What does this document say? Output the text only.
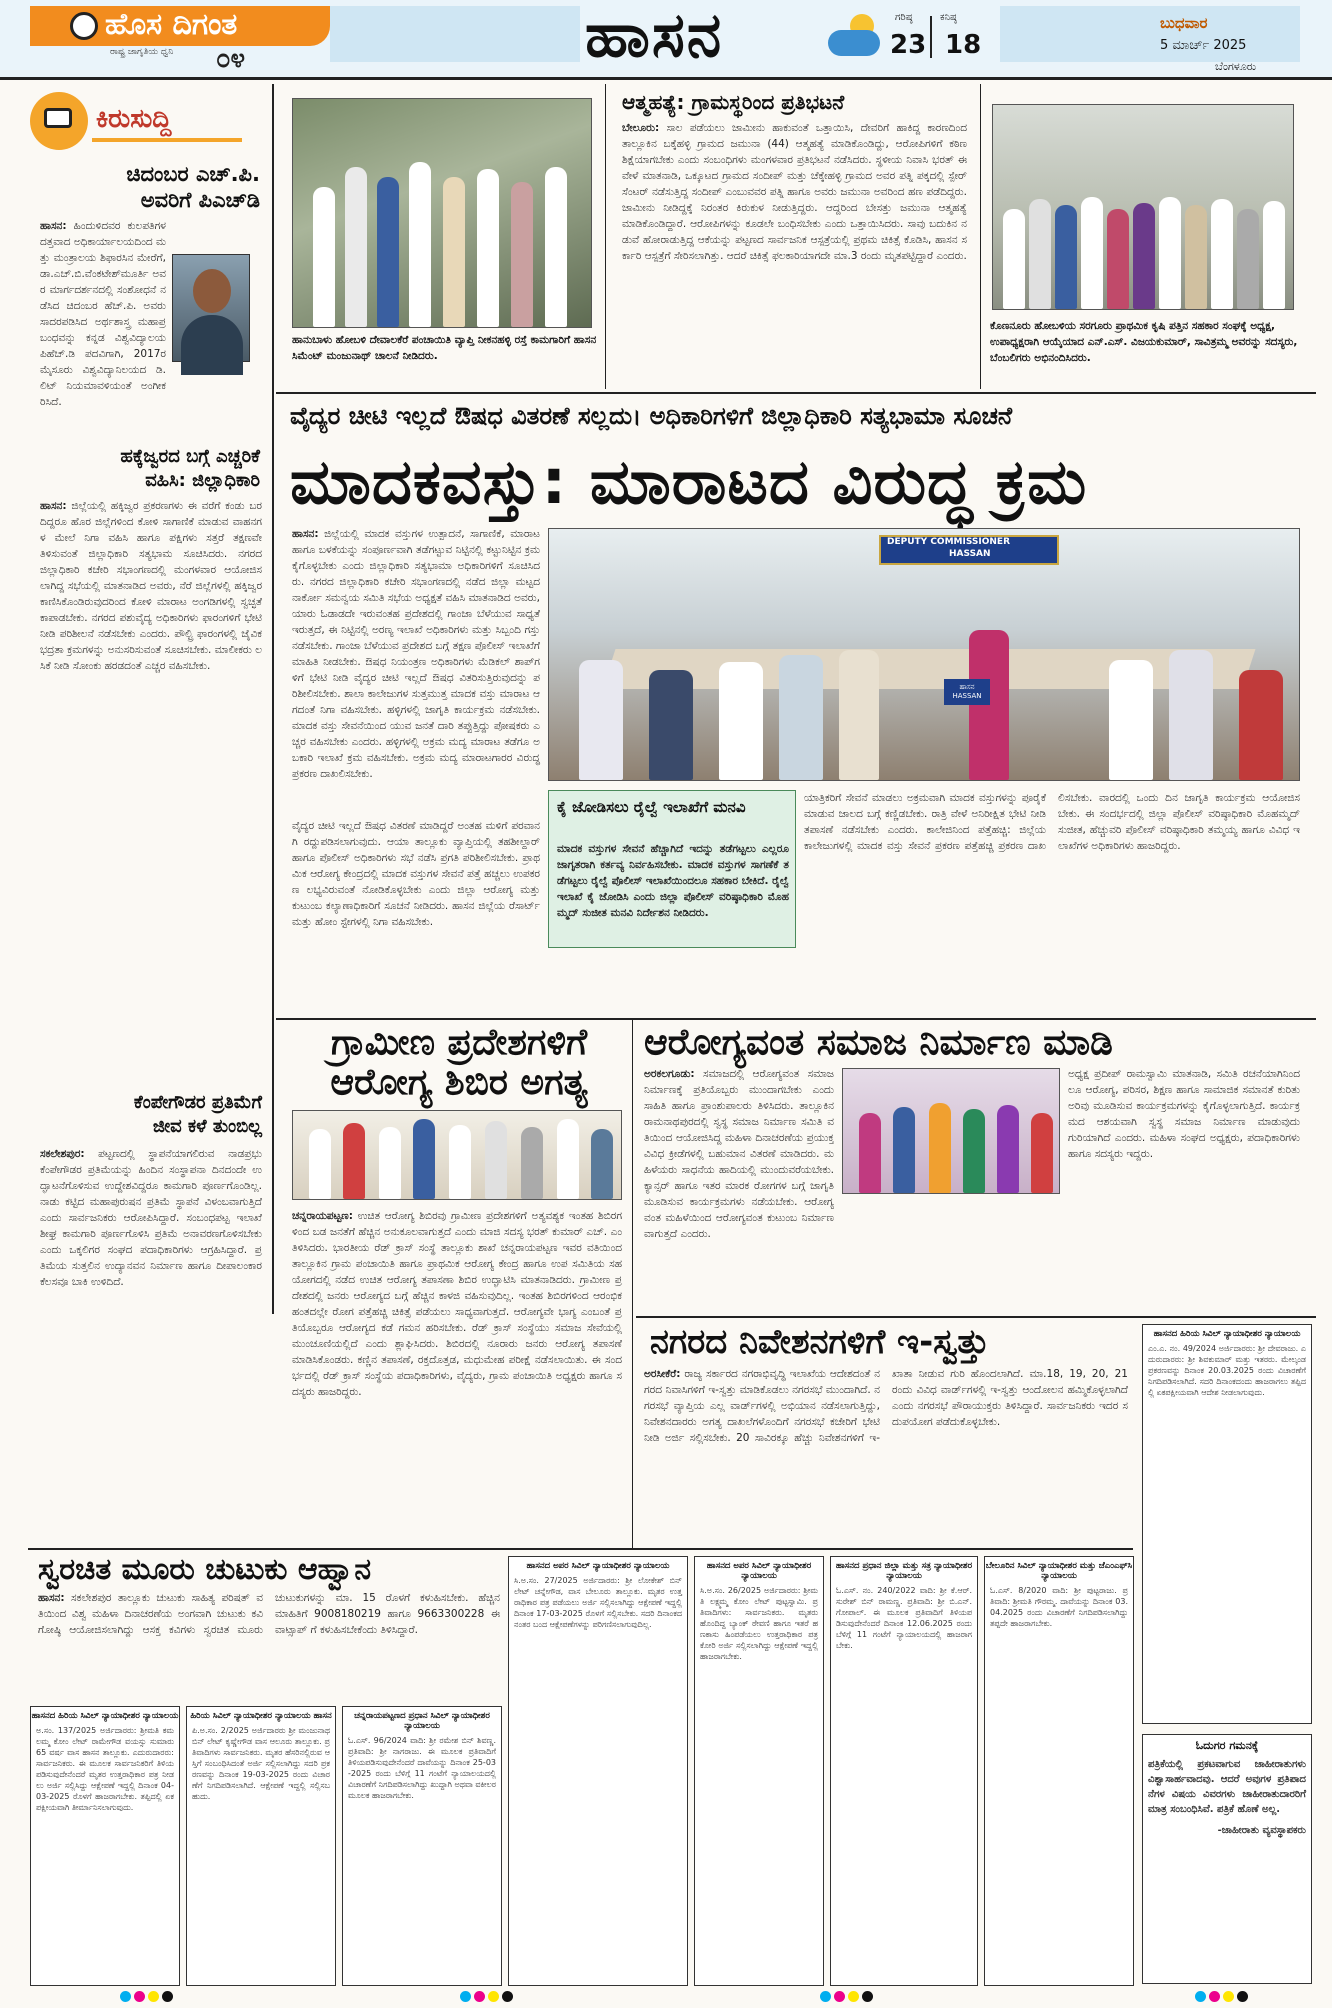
ಹೊಸ ದಿಗಂತ
ರಾಷ್ಟ್ರ ಜಾಗೃತಿಯ ಧ್ವನಿ ೦೪	ಹಾಸನ	ಗರಿಷ್ಠ
23
ಕನಿಷ್ಠ
18
ಬುಧವಾರ
5 ಮಾರ್ಚ್ 2025
ಬೆಂಗಳೂರು
ಕಿರುಸುದ್ದಿ
ಚಿದಂಬರ ಎಚ್.ಪಿ.
ಅವರಿಗೆ ಪಿಎಚ್‌ಡಿ
ಹಾಸನ: ಹಿಂದುಳಿದವರ ಕುಲಪತಿಗಳ ದತ್ತವಾದ ಅಧಿಕಾರ್ಯಾಲಯದಿಂದ ಮತ್ತು ಮಂತ್ರಾಲಯ ಶಿಫಾರಸಿನ ಮೇರೆಗೆ, ಡಾ.ಎಚ್.ಬಿ.ವೆಂಕಟೇಶ್‌ಮೂರ್ತಿ ಅವರ ಮಾರ್ಗದರ್ಶನದಲ್ಲಿ ಸಂಶೋಧನೆ ನಡೆಸಿದ ಚಿದಂಬರ ಹೆಚ್.ಪಿ. ಅವರು ಸಾದರಪಡಿಸಿದ ಅರ್ಥಶಾಸ್ತ್ರ ಮಹಾಪ್ರಬಂಧವನ್ನು ಕನ್ನಡ ವಿಶ್ವವಿದ್ಯಾಲಯ ಪಿಹೆಚ್.ಡಿ ಪದವಿಗಾಗಿ, 2017ರ ಮೈಸೂರು ವಿಶ್ವವಿದ್ಯಾನಿಲಯದ ಡಿ.ಲಿಟ್ ನಿಯಮಾವಳಿಯಂತೆ ಅಂಗೀಕರಿಸಿದೆ.
ಹಕ್ಕೆಜ್ವರದ ಬಗ್ಗೆ ಎಚ್ಚರಿಕೆ
ವಹಿಸಿ: ಜಿಲ್ಲಾಧಿಕಾರಿ
ಹಾಸನ: ಜಿಲ್ಲೆಯಲ್ಲಿ ಹಕ್ಕಿಜ್ವರ ಪ್ರಕರಣಗಳು ಈ ವರೆಗೆ ಕಂಡು ಬರದಿದ್ದರೂ ಹೊರ ಜಿಲ್ಲೆಗಳಿಂದ ಕೋಳಿ ಸಾಗಾಣಿಕೆ ಮಾಡುವ ವಾಹನಗಳ ಮೇಲೆ ನಿಗಾ ವಹಿಸಿ ಹಾಗೂ ಪಕ್ಷಿಗಳು ಸತ್ತರೆ ತಕ್ಷಣವೇ ತಿಳಿಸುವಂತೆ ಜಿಲ್ಲಾಧಿಕಾರಿ ಸತ್ಯಭಾಮ ಸೂಚಿಸಿದರು. ನಗರದ ಜಿಲ್ಲಾಧಿಕಾರಿ ಕಚೇರಿ ಸಭಾಂಗಣದಲ್ಲಿ ಮಂಗಳವಾರ ಆಯೋಜಿಸಲಾಗಿದ್ದ ಸಭೆಯಲ್ಲಿ ಮಾತನಾಡಿದ ಅವರು, ನೆರೆ ಜಿಲ್ಲೆಗಳಲ್ಲಿ ಹಕ್ಕಿಜ್ವರ ಕಾಣಿಸಿಕೊಂಡಿರುವುದರಿಂದ ಕೋಳಿ ಮಾರಾಟ ಅಂಗಡಿಗಳಲ್ಲಿ ಸ್ವಚ್ಛತೆ ಕಾಪಾಡಬೇಕು. ನಗರದ ಪಶುವೈದ್ಯ ಅಧಿಕಾರಿಗಳು ಫಾರಂಗಳಿಗೆ ಭೇಟಿ ನೀಡಿ ಪರಿಶೀಲನೆ ನಡೆಸಬೇಕು ಎಂದರು. ಪೌಲ್ಟ್ರಿ ಫಾರಂಗಳಲ್ಲಿ ಜೈವಿಕ ಭದ್ರತಾ ಕ್ರಮಗಳನ್ನು ಅನುಸರಿಸುವಂತೆ ಸೂಚಿಸಬೇಕು. ಮಾಲೀಕರು ಲಸಿಕೆ ನೀಡಿ ಸೋಂಕು ಹರಡದಂತೆ ಎಚ್ಚರ ವಹಿಸಬೇಕು.
ಕೆಂಪೇಗೌಡರ ಪ್ರತಿಮೆಗೆ
ಜೀವ ಕಳೆ ತುಂಬಿಲ್ಲ
ಸಕಲೇಶಪುರ: ಪಟ್ಟಣದಲ್ಲಿ ಸ್ಥಾಪನೆಯಾಗಲಿರುವ ನಾಡಪ್ರಭು ಕೆಂಪೇಗೌಡರ ಪ್ರತಿಮೆಯನ್ನು ಹಿಂದಿನ ಸಂಸ್ಥಾಪನಾ ದಿನದಂದೇ ಉದ್ಘಾಟನೆಗೊಳಿಸುವ ಉದ್ದೇಶವಿದ್ದರೂ ಕಾಮಗಾರಿ ಪೂರ್ಣಗೊಂಡಿಲ್ಲ. ನಾಡು ಕಟ್ಟಿದ ಮಹಾಪುರುಷನ ಪ್ರತಿಮೆ ಸ್ಥಾಪನೆ ವಿಳಂಬವಾಗುತ್ತಿದೆ ಎಂದು ಸಾರ್ವಜನಿಕರು ಆರೋಪಿಸಿದ್ದಾರೆ. ಸಂಬಂಧಪಟ್ಟ ಇಲಾಖೆ ಶೀಘ್ರ ಕಾಮಗಾರಿ ಪೂರ್ಣಗೊಳಿಸಿ ಪ್ರತಿಮೆ ಅನಾವರಣಗೊಳಿಸಬೇಕು ಎಂದು ಒಕ್ಕಲಿಗರ ಸಂಘದ ಪದಾಧಿಕಾರಿಗಳು ಆಗ್ರಹಿಸಿದ್ದಾರೆ. ಪ್ರತಿಮೆಯ ಸುತ್ತಲಿನ ಉದ್ಯಾನವನ ನಿರ್ಮಾಣ ಹಾಗೂ ದೀಪಾಲಂಕಾರ ಕೆಲಸವೂ ಬಾಕಿ ಉಳಿದಿದೆ.
ಹಾನುಬಾಳು ಹೋಬಳಿ ದೇವಾಲಕೆರೆ ಪಂಚಾಯಿತಿ ವ್ಯಾಪ್ತಿ ನೀಕನಹಳ್ಳಿ ರಸ್ತೆ ಕಾಮಗಾರಿಗೆ ಹಾಸನ ಸಿಮೆಂಟ್ ಮಂಜುನಾಥ್ ಚಾಲನೆ ನೀಡಿದರು.
ಆತ್ಮಹತ್ಯೆ: ಗ್ರಾಮಸ್ಥರಿಂದ ಪ್ರತಿಭಟನೆ
ಬೇಲೂರು: ಸಾಲ ಪಡೆಯಲು ಜಾಮೀನು ಹಾಕುವಂತೆ ಒತ್ತಾಯಿಸಿ, ದೇವರಿಗೆ ಹಾಕಿದ್ದ ಕಾರಣದಿಂದ ತಾಲ್ಲೂಕಿನ ಬಕ್ಕೆಹಳ್ಳಿ ಗ್ರಾಮದ ಜಮುನಾ (44) ಆತ್ಮಹತ್ಯೆ ಮಾಡಿಕೊಂಡಿದ್ದು, ಆರೋಪಿಗಳಿಗೆ ಕಠಿಣ ಶಿಕ್ಷೆಯಾಗಬೇಕು ಎಂದು ಸಂಬಂಧಿಗಳು ಮಂಗಳವಾರ ಪ್ರತಿಭಟನೆ ನಡೆಸಿದರು. ಸ್ಥಳೀಯ ನಿವಾಸಿ ಭರತ್ ಈ ವೇಳೆ ಮಾತನಾಡಿ, ಒಕ್ಕೂಟದ ಗ್ರಾಮದ ಸಂದೀಪ್ ಮತ್ತು ಚೆಕ್ಕೇಹಳ್ಳಿ ಗ್ರಾಮದ ಅವರ ಪತ್ನಿ ಪಕ್ಕದಲ್ಲಿ ಸ್ಪೇರ್ ಸೆಂಟರ್ ನಡೆಸುತ್ತಿದ್ದ ಸಂದೀಪ್ ಎಂಬುವವರ ಪತ್ನಿ ಹಾಗೂ ಅವರು ಜಮುನಾ ಅವರಿಂದ ಹಣ ಪಡೆದಿದ್ದರು. ಜಾಮೀನು ನೀಡಿದ್ದಕ್ಕೆ ನಿರಂತರ ಕಿರುಕುಳ ನೀಡುತ್ತಿದ್ದರು. ಆದ್ದರಿಂದ ಬೇಸತ್ತು ಜಮುನಾ ಆತ್ಮಹತ್ಯೆ ಮಾಡಿಕೊಂಡಿದ್ದಾರೆ. ಆರೋಪಿಗಳನ್ನು ಕೂಡಲೇ ಬಂಧಿಸಬೇಕು ಎಂದು ಒತ್ತಾಯಿಸಿದರು. ಸಾವು ಬದುಕಿನ ನಡುವೆ ಹೋರಾಡುತ್ತಿದ್ದ ಆಕೆಯನ್ನು ಪಟ್ಟಣದ ಸಾರ್ವಜನಿಕ ಆಸ್ಪತ್ರೆಯಲ್ಲಿ ಪ್ರಥಮ ಚಿಕಿತ್ಸೆ ಕೊಡಿಸಿ, ಹಾಸನ ಸರ್ಕಾರಿ ಆಸ್ಪತ್ರೆಗೆ ಸೇರಿಸಲಾಗಿತ್ತು. ಆದರೆ ಚಿಕಿತ್ಸೆ ಫಲಕಾರಿಯಾಗದೇ ಮಾ.3 ರಂದು ಮೃತಪಟ್ಟಿದ್ದಾರೆ ಎಂದರು.
ಕೊಣನೂರು ಹೋಬಳಿಯ ಸರಗೂರು ಪ್ರಾಥಮಿಕ ಕೃಷಿ ಪತ್ತಿನ ಸಹಕಾರ ಸಂಘಕ್ಕೆ ಅಧ್ಯಕ್ಷ, ಉಪಾಧ್ಯಕ್ಷರಾಗಿ ಆಯ್ಕೆಯಾದ ಎನ್.ಎಸ್. ವಿಜಯಕುಮಾರ್, ಸಾವಿತ್ರಮ್ಮ ಅವರನ್ನು ಸದಸ್ಯರು, ಬೆಂಬಲಿಗರು ಅಭಿನಂದಿಸಿದರು.
ವೈದ್ಯರ ಚೀಟಿ ಇಲ್ಲದೆ ಔಷಧ ವಿತರಣೆ ಸಲ್ಲದು। ಅಧಿಕಾರಿಗಳಿಗೆ ಜಿಲ್ಲಾಧಿಕಾರಿ ಸತ್ಯಭಾಮಾ ಸೂಚನೆ
ಮಾದಕವಸ್ತು: ಮಾರಾಟದ ವಿರುದ್ಧ ಕ್ರಮ
ಹಾಸನ: ಜಿಲ್ಲೆಯಲ್ಲಿ ಮಾದಕ ವಸ್ತುಗಳ ಉತ್ಪಾದನೆ, ಸಾಗಾಣಿಕೆ, ಮಾರಾಟ ಹಾಗೂ ಬಳಕೆಯನ್ನು ಸಂಪೂರ್ಣವಾಗಿ ತಡೆಗಟ್ಟುವ ನಿಟ್ಟಿನಲ್ಲಿ ಕಟ್ಟುನಿಟ್ಟಿನ ಕ್ರಮ ಕೈಗೊಳ್ಳಬೇಕು ಎಂದು ಜಿಲ್ಲಾಧಿಕಾರಿ ಸತ್ಯಭಾಮಾ ಅಧಿಕಾರಿಗಳಿಗೆ ಸೂಚಿಸಿದರು. ನಗರದ ಜಿಲ್ಲಾಧಿಕಾರಿ ಕಚೇರಿ ಸಭಾಂಗಣದಲ್ಲಿ ನಡೆದ ಜಿಲ್ಲಾ ಮಟ್ಟದ ನಾರ್ಕೋ ಸಮನ್ವಯ ಸಮಿತಿ ಸಭೆಯ ಅಧ್ಯಕ್ಷತೆ ವಹಿಸಿ ಮಾತನಾಡಿದ ಅವರು, ಯಾರು ಓಡಾಡದೇ ಇರುವಂತಹ ಪ್ರದೇಶದಲ್ಲಿ ಗಾಂಜಾ ಬೆಳೆಯುವ ಸಾಧ್ಯತೆ ಇರುತ್ತದೆ, ಈ ನಿಟ್ಟಿನಲ್ಲಿ ಅರಣ್ಯ ಇಲಾಖೆ ಅಧಿಕಾರಿಗಳು ಮತ್ತು ಸಿಬ್ಬಂದಿ ಗಸ್ತು ನಡೆಸಬೇಕು. ಗಾಂಜಾ ಬೆಳೆಯುವ ಪ್ರದೇಶದ ಬಗ್ಗೆ ತಕ್ಷಣ ಪೊಲೀಸ್ ಇಲಾಖೆಗೆ ಮಾಹಿತಿ ನೀಡಬೇಕು. ಔಷಧ ನಿಯಂತ್ರಣ ಅಧಿಕಾರಿಗಳು ಮೆಡಿಕಲ್ ಶಾಪ್‌ಗಳಿಗೆ ಭೇಟಿ ನೀಡಿ ವೈದ್ಯರ ಚೀಟಿ ಇಲ್ಲದೆ ಔಷಧ ವಿತರಿಸುತ್ತಿರುವುದನ್ನು ಪರಿಶೀಲಿಸಬೇಕು. ಶಾಲಾ ಕಾಲೇಜುಗಳ ಸುತ್ತಮುತ್ತ ಮಾದಕ ವಸ್ತು ಮಾರಾಟ ಆಗದಂತೆ ನಿಗಾ ವಹಿಸಬೇಕು. ಹಳ್ಳಿಗಳಲ್ಲಿ ಜಾಗೃತಿ ಕಾರ್ಯಕ್ರಮ ನಡೆಸಬೇಕು. ಮಾದಕ ವಸ್ತು ಸೇವನೆಯಿಂದ ಯುವ ಜನತೆ ದಾರಿ ತಪ್ಪುತ್ತಿದ್ದು ಪೋಷಕರು ಎಚ್ಚರ ವಹಿಸಬೇಕು ಎಂದರು. ಹಳ್ಳಿಗಳಲ್ಲಿ ಅಕ್ರಮ ಮದ್ಯ ಮಾರಾಟ ತಡೆಗೂ ಅಬಕಾರಿ ಇಲಾಖೆ ಕ್ರಮ ವಹಿಸಬೇಕು. ಅಕ್ರಮ ಮದ್ಯ ಮಾರಾಟಗಾರರ ವಿರುದ್ಧ ಪ್ರಕರಣ ದಾಖಲಿಸಬೇಕು.
DEPUTY COMMISSIONER
HASSAN
ಹಾಸನ HASSAN
ಕೈ ಜೋಡಿಸಲು ರೈಲ್ವೆ ಇಲಾಖೆಗೆ ಮನವಿ
ಮಾದಕ ವಸ್ತುಗಳ ಸೇವನೆ ಹೆಚ್ಚಾಗಿದೆ ಇದನ್ನು ತಡೆಗಟ್ಟಲು ಎಲ್ಲರೂ ಜಾಗೃತರಾಗಿ ಕರ್ತವ್ಯ ನಿರ್ವಹಿಸಬೇಕು. ಮಾದಕ ವಸ್ತುಗಳ ಸಾಗಣೆಕೆ ತಡೆಗಟ್ಟಲು ರೈಲ್ವೆ ಪೊಲೀಸ್ ಇಲಾಖೆಯಿಂದಲೂ ಸಹಕಾರ ಬೇಕಿದೆ. ರೈಲ್ವೆ ಇಲಾಖೆ ಕೈ ಜೋಡಿಸಿ ಎಂದು ಜಿಲ್ಲಾ ಪೊಲೀಸ್ ವರಿಷ್ಠಾಧಿಕಾರಿ ಮೊಹಮ್ಮದ್ ಸುಜೀತ ಮನವಿ ನಿರ್ದೇಶನ ನೀಡಿದರು.
ವೈದ್ಯರ ಚೀಟಿ ಇಲ್ಲದೆ ಔಷಧ ವಿತರಣೆ ಮಾಡಿದ್ದರೆ ಅಂತಹ ಮಳಿಗೆ ಪರವಾನಗಿ ರದ್ದುಪಡಿಸಲಾಗುವುದು. ಆಯಾ ತಾಲ್ಲೂಕು ವ್ಯಾಪ್ತಿಯಲ್ಲಿ ತಹಶೀಲ್ದಾರ್ ಹಾಗೂ ಪೊಲೀಸ್ ಅಧಿಕಾರಿಗಳು ಸಭೆ ನಡೆಸಿ ಪ್ರಗತಿ ಪರಿಶೀಲಿಸಬೇಕು. ಪ್ರಾಥಮಿಕ ಆರೋಗ್ಯ ಕೇಂದ್ರದಲ್ಲಿ ಮಾದಕ ವಸ್ತುಗಳ ಸೇವನೆ ಪತ್ತೆ ಹಚ್ಚಲು ಉಪಕರಣ ಲಭ್ಯವಿರುವಂತೆ ನೋಡಿಕೊಳ್ಳಬೇಕು ಎಂದು ಜಿಲ್ಲಾ ಆರೋಗ್ಯ ಮತ್ತು ಕುಟುಂಬ ಕಲ್ಯಾಣಾಧಿಕಾರಿಗೆ ಸೂಚನೆ ನೀಡಿದರು. ಹಾಸನ ಜಿಲ್ಲೆಯ ರೆಸಾರ್ಟ್ ಮತ್ತು ಹೋಂ ಸ್ಟೇಗಳಲ್ಲಿ ನಿಗಾ ವಹಿಸಬೇಕು.
ಯಾತ್ರಿಕರಿಗೆ ಸೇವನೆ ಮಾಡಲು ಅಕ್ರಮವಾಗಿ ಮಾದಕ ವಸ್ತುಗಳನ್ನು ಪೂರೈಕೆ ಮಾಡುವ ಜಾಲದ ಬಗ್ಗೆ ಕಣ್ಣಿಡಬೇಕು. ರಾತ್ರಿ ವೇಳೆ ಅನಿರೀಕ್ಷಿತ ಭೇಟಿ ನೀಡಿ ತಪಾಸಣೆ ನಡೆಸಬೇಕು ಎಂದರು. ಕಾಲೇಜಿನಿಂದ ಪತ್ತೆಹಚ್ಚಿ: ಜಿಲ್ಲೆಯ ಕಾಲೇಜುಗಳಲ್ಲಿ ಮಾದಕ ವಸ್ತು ಸೇವನೆ ಪ್ರಕರಣ ಪತ್ತೆಹಚ್ಚಿ ಪ್ರಕರಣ ದಾಖಲಿಸಬೇಕು. ವಾರದಲ್ಲಿ ಒಂದು ದಿನ ಜಾಗೃತಿ ಕಾರ್ಯಕ್ರಮ ಆಯೋಜಿಸಬೇಕು. ಈ ಸಂದರ್ಭದಲ್ಲಿ ಜಿಲ್ಲಾ ಪೊಲೀಸ್ ವರಿಷ್ಠಾಧಿಕಾರಿ ಮೊಹಮ್ಮದ್ ಸುಜೀತ, ಹೆಚ್ಚುವರಿ ಪೊಲೀಸ್ ವರಿಷ್ಠಾಧಿಕಾರಿ ತಮ್ಮಯ್ಯ ಹಾಗೂ ವಿವಿಧ ಇಲಾಖೆಗಳ ಅಧಿಕಾರಿಗಳು ಹಾಜರಿದ್ದರು.
ಗ್ರಾಮೀಣ ಪ್ರದೇಶಗಳಿಗೆ
ಆರೋಗ್ಯ ಶಿಬಿರ ಅಗತ್ಯ
ಚನ್ನರಾಯಪಟ್ಟಣ: ಉಚಿತ ಆರೋಗ್ಯ ಶಿಬಿರವು ಗ್ರಾಮೀಣ ಪ್ರದೇಶಗಳಿಗೆ ಅತ್ಯವಶ್ಯಕ ಇಂತಹ ಶಿಬಿರಗಳಿಂದ ಬಡ ಜನತೆಗೆ ಹೆಚ್ಚಿನ ಅನುಕೂಲವಾಗುತ್ತದೆ ಎಂದು ಮಾಜಿ ಸದಸ್ಯ ಭರತ್ ಕುಮಾರ್ ಎಚ್. ಎಂ ತಿಳಿಸಿದರು. ಭಾರತೀಯ ರೆಡ್ ಕ್ರಾಸ್ ಸಂಸ್ಥೆ ತಾಲ್ಲೂಕು ಶಾಖೆ ಚನ್ನರಾಯಪಟ್ಟಣ ಇವರ ವತಿಯಿಂದ ತಾಲ್ಲೂಕಿನ ಗ್ರಾಮ ಪಂಚಾಯಿತಿ ಹಾಗೂ ಪ್ರಾಥಮಿಕ ಆರೋಗ್ಯ ಕೇಂದ್ರ ಹಾಗೂ ಉಪ ಸಮಿತಿಯ ಸಹಯೋಗದಲ್ಲಿ ನಡೆದ ಉಚಿತ ಆರೋಗ್ಯ ತಪಾಸಣಾ ಶಿಬಿರ ಉದ್ಘಾಟಿಸಿ ಮಾತನಾಡಿದರು. ಗ್ರಾಮೀಣ ಪ್ರದೇಶದಲ್ಲಿ ಜನರು ಆರೋಗ್ಯದ ಬಗ್ಗೆ ಹೆಚ್ಚಿನ ಕಾಳಜಿ ವಹಿಸುವುದಿಲ್ಲ. ಇಂತಹ ಶಿಬಿರಗಳಿಂದ ಆರಂಭಿಕ ಹಂತದಲ್ಲೇ ರೋಗ ಪತ್ತೆಹಚ್ಚಿ ಚಿಕಿತ್ಸೆ ಪಡೆಯಲು ಸಾಧ್ಯವಾಗುತ್ತದೆ. ಆರೋಗ್ಯವೇ ಭಾಗ್ಯ ಎಂಬಂತೆ ಪ್ರತಿಯೊಬ್ಬರೂ ಆರೋಗ್ಯದ ಕಡೆ ಗಮನ ಹರಿಸಬೇಕು. ರೆಡ್ ಕ್ರಾಸ್ ಸಂಸ್ಥೆಯು ಸಮಾಜ ಸೇವೆಯಲ್ಲಿ ಮುಂಚೂಣಿಯಲ್ಲಿದೆ ಎಂದು ಶ್ಲಾಘಿಸಿದರು. ಶಿಬಿರದಲ್ಲಿ ನೂರಾರು ಜನರು ಆರೋಗ್ಯ ತಪಾಸಣೆ ಮಾಡಿಸಿಕೊಂಡರು. ಕಣ್ಣಿನ ತಪಾಸಣೆ, ರಕ್ತದೊತ್ತಡ, ಮಧುಮೇಹ ಪರೀಕ್ಷೆ ನಡೆಸಲಾಯಿತು. ಈ ಸಂದರ್ಭದಲ್ಲಿ ರೆಡ್ ಕ್ರಾಸ್ ಸಂಸ್ಥೆಯ ಪದಾಧಿಕಾರಿಗಳು, ವೈದ್ಯರು, ಗ್ರಾಮ ಪಂಚಾಯಿತಿ ಅಧ್ಯಕ್ಷರು ಹಾಗೂ ಸದಸ್ಯರು ಹಾಜರಿದ್ದರು.
ಆರೋಗ್ಯವಂತ ಸಮಾಜ ನಿರ್ಮಾಣ ಮಾಡಿ
ಅರಕಲಗೂಡು: ಸಮಾಜದಲ್ಲಿ ಆರೋಗ್ಯವಂತ ಸಮಾಜ ನಿರ್ಮಾಣಕ್ಕೆ ಪ್ರತಿಯೊಬ್ಬರು ಮುಂದಾಗಬೇಕು ಎಂದು ಸಾಹಿತಿ ಹಾಗೂ ಪ್ರಾಂಶುಪಾಲರು ತಿಳಿಸಿದರು. ತಾಲ್ಲೂಕಿನ ರಾಮನಾಥಪುರದಲ್ಲಿ ಸ್ವಸ್ಥ ಸಮಾಜ ನಿರ್ಮಾಣ ಸಮಿತಿ ವತಿಯಿಂದ ಆಯೋಜಿಸಿದ್ದ ಮಹಿಳಾ ದಿನಾಚರಣೆಯ ಪ್ರಯುಕ್ತ ವಿವಿಧ ಕ್ರೀಡೆಗಳಲ್ಲಿ ಬಹುಮಾನ ವಿತರಣೆ ಮಾಡಿದರು. ಮಹಿಳೆಯರು ಸಾಧನೆಯ ಹಾದಿಯಲ್ಲಿ ಮುಂದುವರೆಯಬೇಕು. ಕ್ಯಾನ್ಸರ್ ಹಾಗೂ ಇತರ ಮಾರಕ ರೋಗಗಳ ಬಗ್ಗೆ ಜಾಗೃತಿ ಮೂಡಿಸುವ ಕಾರ್ಯಕ್ರಮಗಳು ನಡೆಯಬೇಕು. ಆರೋಗ್ಯವಂತ ಮಹಿಳೆಯಿಂದ ಆರೋಗ್ಯವಂತ ಕುಟುಂಬ ನಿರ್ಮಾಣವಾಗುತ್ತದೆ ಎಂದರು.
ಅಧ್ಯಕ್ಷ ಪ್ರದೀಪ್ ರಾಮಸ್ವಾಮಿ ಮಾತನಾಡಿ, ಸಮಿತಿ ರಚನೆಯಾಗಿನಿಂದಲೂ ಆರೋಗ್ಯ, ಪರಿಸರ, ಶಿಕ್ಷಣ ಹಾಗೂ ಸಾಮಾಜಿಕ ಸಮಾನತೆ ಕುರಿತು ಅರಿವು ಮೂಡಿಸುವ ಕಾರ್ಯಕ್ರಮಗಳನ್ನು ಕೈಗೊಳ್ಳಲಾಗುತ್ತಿದೆ. ಕಾರ್ಯಕ್ರಮದ ಆಶಯವಾಗಿ ಸ್ವಸ್ಥ ಸಮಾಜ ನಿರ್ಮಾಣ ಮಾಡುವುದು ಗುರಿಯಾಗಿದೆ ಎಂದರು. ಮಹಿಳಾ ಸಂಘದ ಅಧ್ಯಕ್ಷರು, ಪದಾಧಿಕಾರಿಗಳು ಹಾಗೂ ಸದಸ್ಯರು ಇದ್ದರು.
ನಗರದ ನಿವೇಶನಗಳಿಗೆ ಇ-ಸ್ವತ್ತು
ಅರಸೀಕೆರೆ: ರಾಜ್ಯ ಸರ್ಕಾರದ ನಗರಾಭಿವೃದ್ಧಿ ಇಲಾಖೆಯ ಆದೇಶದಂತೆ ನಗರದ ನಿವಾಸಿಗಳಿಗೆ ಇ-ಸ್ವತ್ತು ಮಾಡಿಕೊಡಲು ನಗರಸಭೆ ಮುಂದಾಗಿದೆ. ನಗರಸಭೆ ವ್ಯಾಪ್ತಿಯ ಎಲ್ಲ ವಾರ್ಡ್‌ಗಳಲ್ಲಿ ಅಭಿಯಾನ ನಡೆಸಲಾಗುತ್ತಿದ್ದು, ನಿವೇಶನದಾರರು ಅಗತ್ಯ ದಾಖಲೆಗಳೊಂದಿಗೆ ನಗರಸಭೆ ಕಚೇರಿಗೆ ಭೇಟಿ ನೀಡಿ ಅರ್ಜಿ ಸಲ್ಲಿಸಬೇಕು. 20 ಸಾವಿರಕ್ಕೂ ಹೆಚ್ಚು ನಿವೇಶನಗಳಿಗೆ ಇ-ಖಾತಾ ನೀಡುವ ಗುರಿ ಹೊಂದಲಾಗಿದೆ. ಮಾ.18, 19, 20, 21 ರಂದು ವಿವಿಧ ವಾರ್ಡ್‌ಗಳಲ್ಲಿ ಇ-ಸ್ವತ್ತು ಆಂದೋಲನ ಹಮ್ಮಿಕೊಳ್ಳಲಾಗಿದೆ ಎಂದು ನಗರಸಭೆ ಪೌರಾಯುಕ್ತರು ತಿಳಿಸಿದ್ದಾರೆ. ಸಾರ್ವಜನಿಕರು ಇದರ ಸದುಪಯೋಗ ಪಡೆದುಕೊಳ್ಳಬೇಕು.
ಹಾಸನದ ಹಿರಿಯ ಸಿವಿಲ್ ನ್ಯಾಯಾಧೀಶರ ನ್ಯಾಯಾಲಯ
ಎಂ.ಎ. ನಂ. 49/2024 ಅರ್ಜಿದಾರರು: ಶ್ರೀ ದೇವರಾಜು. ಎದುರುದಾರರು: ಶ್ರೀ ಶಿವಕುಮಾರ್ ಮತ್ತು ಇತರರು. ಮೇಲ್ಕಂಡ ಪ್ರಕರಣವನ್ನು ದಿನಾಂಕ 20.03.2025 ರಂದು ವಿಚಾರಣೆಗೆ ನಿಗದಿಪಡಿಸಲಾಗಿದೆ. ಸದರಿ ದಿನಾಂಕದಂದು ಹಾಜರಾಗಲು ತಪ್ಪಿದಲ್ಲಿ ಏಕಪಕ್ಷೀಯವಾಗಿ ಆದೇಶ ನೀಡಲಾಗುವುದು.
ಓದುಗರ ಗಮನಕ್ಕೆ
ಪತ್ರಿಕೆಯಲ್ಲಿ ಪ್ರಕಟವಾಗುವ ಜಾಹೀರಾತುಗಳು ವಿಶ್ವಾಸಾರ್ಹವಾದವು. ಆದರೆ ಅವುಗಳ ಪ್ರತಿಪಾದನೆಗಳ ವಿಷಯ ವಿವರಗಳು ಜಾಹೀರಾತುದಾರರಿಗೆ ಮಾತ್ರ ಸಂಬಂಧಿಸಿವೆ. ಪತ್ರಿಕೆ ಹೊಣೆ ಅಲ್ಲ.
-ಜಾಹೀರಾತು ವ್ಯವಸ್ಥಾಪಕರು
ಸ್ವರಚಿತ ಮೂರು ಚುಟುಕು ಆಹ್ವಾನ
ಹಾಸನ: ಸಕಲೇಶಪುರ ತಾಲ್ಲೂಕು ಚುಟುಕು ಸಾಹಿತ್ಯ ಪರಿಷತ್ ವತಿಯಿಂದ ವಿಶ್ವ ಮಹಿಳಾ ದಿನಾಚರಣೆಯ ಅಂಗವಾಗಿ ಚುಟುಕು ಕವಿ ಗೋಷ್ಠಿ ಆಯೋಜಿಸಲಾಗಿದ್ದು ಆಸಕ್ತ ಕವಿಗಳು ಸ್ವರಚಿತ ಮೂರು ಚುಟುಕುಗಳನ್ನು ಮಾ. 15 ರೊಳಗೆ ಕಳುಹಿಸಬೇಕು. ಹೆಚ್ಚಿನ ಮಾಹಿತಿಗೆ 9008180219 ಹಾಗೂ 9663300228 ಈ ವಾಟ್ಸಾಪ್ ಗೆ ಕಳುಹಿಸಬೇಕೆಂದು ತಿಳಿಸಿದ್ದಾರೆ.
ಹಾಸನದ ಅಪರ ಸಿವಿಲ್ ನ್ಯಾಯಾಧೀಶರ ನ್ಯಾಯಾಲಯ
ಸಿ.ಅ.ಸಂ. 27/2025 ಅರ್ಜಿದಾರರು: ಶ್ರೀ ಲೋಕೇಶ್ ಬಿನ್ ಲೇಟ್ ಚನ್ನೇಗೌಡ, ವಾಸ ಬೇಲೂರು ತಾಲ್ಲೂಕು. ಮೃತರ ಉತ್ತರಾಧಿಕಾರ ಪತ್ರ ಪಡೆಯಲು ಅರ್ಜಿ ಸಲ್ಲಿಸಲಾಗಿದ್ದು ಆಕ್ಷೇಪಣೆ ಇದ್ದಲ್ಲಿ ದಿನಾಂಕ 17-03-2025 ರೊಳಗೆ ಸಲ್ಲಿಸಬೇಕು. ಸದರಿ ದಿನಾಂಕದ ನಂತರ ಬಂದ ಆಕ್ಷೇಪಣೆಗಳನ್ನು ಪರಿಗಣಿಸಲಾಗುವುದಿಲ್ಲ.
ಹಾಸನದ ಅಪರ ಸಿವಿಲ್ ನ್ಯಾಯಾಧೀಶರ ನ್ಯಾಯಾಲಯ
ಸಿ.ಅ.ಸಂ. 26/2025 ಅರ್ಜಿದಾರರು: ಶ್ರೀಮತಿ ಲಕ್ಷ್ಮಮ್ಮ ಕೋಂ ಲೇಟ್ ಪುಟ್ಟಸ್ವಾಮಿ. ಪ್ರತಿವಾದಿಗಳು: ಸಾರ್ವಜನಿಕರು. ಮೃತರು ಹೊಂದಿದ್ದ ಬ್ಯಾಂಕ್ ಠೇವಣಿ ಹಾಗೂ ಇತರೆ ಹಣಕಾಸು ಹಿಂಪಡೆಯಲು ಉತ್ತರಾಧಿಕಾರ ಪತ್ರ ಕೋರಿ ಅರ್ಜಿ ಸಲ್ಲಿಸಲಾಗಿದ್ದು ಆಕ್ಷೇಪಣೆ ಇದ್ದಲ್ಲಿ ಹಾಜರಾಗಬೇಕು.
ಹಾಸನದ ಪ್ರಧಾನ ಜಿಲ್ಲಾ ಮತ್ತು ಸತ್ರ ನ್ಯಾಯಾಧೀಶರ ನ್ಯಾಯಾಲಯ
ಓ.ಎಸ್. ನಂ. 240/2022 ವಾದಿ: ಶ್ರೀ ಕೆ.ಆರ್. ಸುರೇಶ್ ಬಿನ್ ರಾಮಣ್ಣ. ಪ್ರತಿವಾದಿ: ಶ್ರೀ ಬಿ.ಎನ್. ಗೋಪಾಲ್. ಈ ಮೂಲಕ ಪ್ರತಿವಾದಿಗೆ ತಿಳಿಯಪಡಿಸುವುದೇನೆಂದರೆ ದಿನಾಂಕ 12.06.2025 ರಂದು ಬೆಳಿಗ್ಗೆ 11 ಗಂಟೆಗೆ ನ್ಯಾಯಾಲಯದಲ್ಲಿ ಹಾಜರಾಗಬೇಕು.
ಬೇಲೂರಿನ ಸಿವಿಲ್ ನ್ಯಾಯಾಧೀಶರ ಮತ್ತು ಜೆಎಂಎಫ್‌ಸಿ ನ್ಯಾಯಾಲಯ
ಓ.ಎಸ್. 8/2020 ವಾದಿ: ಶ್ರೀ ಪುಟ್ಟರಾಜು. ಪ್ರತಿವಾದಿ: ಶ್ರೀಮತಿ ಗೌರಮ್ಮ. ದಾವೆಯನ್ನು ದಿನಾಂಕ 03.04.2025 ರಂದು ವಿಚಾರಣೆಗೆ ನಿಗದಿಪಡಿಸಲಾಗಿದ್ದು ತಪ್ಪದೇ ಹಾಜರಾಗಬೇಕು.
ಹಾಸನದ ಹಿರಿಯ ಸಿವಿಲ್ ನ್ಯಾಯಾಧೀಶರ ನ್ಯಾಯಾಲಯ
ಅ.ಸಂ. 137/2025 ಅರ್ಜಿದಾರರು: ಶ್ರೀಮತಿ ಕಮಲಮ್ಮ ಕೋಂ ಲೇಟ್ ರಾಮೇಗೌಡ ವಯಸ್ಸು ಸುಮಾರು 65 ವರ್ಷ ವಾಸ ಹಾಸನ ತಾಲ್ಲೂಕು. ಎದುರುದಾರರು: ಸಾರ್ವಜನಿಕರು. ಈ ಮೂಲಕ ಸಾರ್ವಜನಿಕರಿಗೆ ತಿಳಿಯಪಡಿಸುವುದೇನೆಂದರೆ ಮೃತರ ಉತ್ತರಾಧಿಕಾರ ಪತ್ರ ನೀಡಲು ಅರ್ಜಿ ಸಲ್ಲಿಸಿದ್ದು ಆಕ್ಷೇಪಣೆ ಇದ್ದಲ್ಲಿ ದಿನಾಂಕ 04-03-2025 ರೊಳಗೆ ಹಾಜರಾಗಬೇಕು. ತಪ್ಪಿದಲ್ಲಿ ಏಕಪಕ್ಷೀಯವಾಗಿ ತೀರ್ಮಾನಿಸಲಾಗುವುದು.
ಹಿರಿಯ ಸಿವಿಲ್ ನ್ಯಾಯಾಧೀಶರ ನ್ಯಾಯಾಲಯ ಹಾಸನ
ಪಿ.ಅ.ಸಂ. 2/2025 ಅರ್ಜಿದಾರರು ಶ್ರೀ ಮಂಜುನಾಥ ಬಿನ್ ಲೇಟ್ ಕೃಷ್ಣೇಗೌಡ ವಾಸ ಆಲೂರು ತಾಲ್ಲೂಕು. ಪ್ರತಿವಾದಿಗಳು ಸಾರ್ವಜನಿಕರು. ಮೃತರ ಹೆಸರಿನಲ್ಲಿರುವ ಆಸ್ತಿಗೆ ಸಂಬಂಧಿಸಿದಂತೆ ಅರ್ಜಿ ಸಲ್ಲಿಸಲಾಗಿದ್ದು ಸದರಿ ಪ್ರಕರಣವನ್ನು ದಿನಾಂಕ 19-03-2025 ರಂದು ವಿಚಾರಣೆಗೆ ನಿಗದಿಪಡಿಸಲಾಗಿದೆ. ಆಕ್ಷೇಪಣೆ ಇದ್ದಲ್ಲಿ ಸಲ್ಲಿಸಬಹುದು.
ಚನ್ನರಾಯಪಟ್ಟಣದ ಪ್ರಧಾನ ಸಿವಿಲ್ ನ್ಯಾಯಾಧೀಶರ ನ್ಯಾಯಾಲಯ
ಓ.ಎಸ್. 96/2024 ವಾದಿ: ಶ್ರೀ ರಮೇಶ ಬಿನ್ ಶಿವಣ್ಣ. ಪ್ರತಿವಾದಿ: ಶ್ರೀ ನಾಗರಾಜು. ಈ ಮೂಲಕ ಪ್ರತಿವಾದಿಗೆ ತಿಳಿಯಪಡಿಸುವುದೇನೆಂದರೆ ದಾವೆಯನ್ನು ದಿನಾಂಕ 25-03-2025 ರಂದು ಬೆಳಿಗ್ಗೆ 11 ಗಂಟೆಗೆ ನ್ಯಾಯಾಲಯದಲ್ಲಿ ವಿಚಾರಣೆಗೆ ನಿಗದಿಪಡಿಸಲಾಗಿದ್ದು ಖುದ್ದಾಗಿ ಅಥವಾ ವಕೀಲರ ಮೂಲಕ ಹಾಜರಾಗಬೇಕು.
